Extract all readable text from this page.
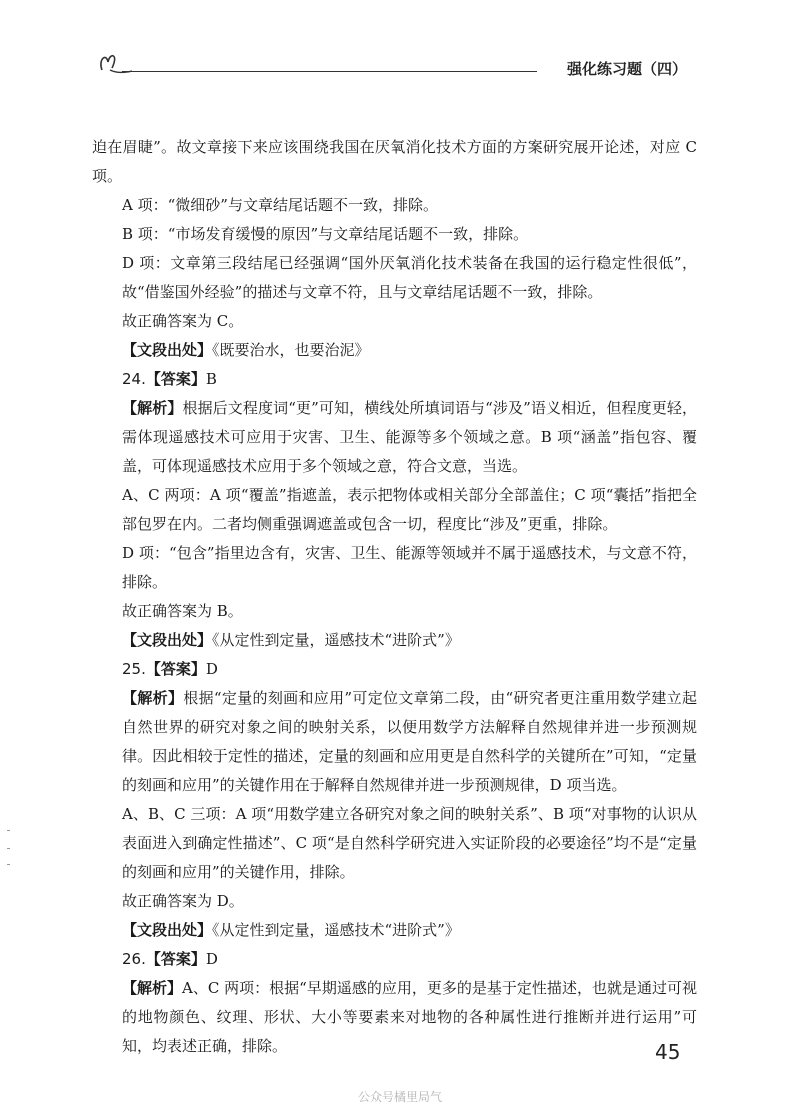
强化练习题（四）

迫在眉睫”。故文章接下来应该围绕我国在厌氧消化技术方面的方案研究展开论述，对应 C 项。

A 项：“微细砂”与文章结尾话题不一致，排除。

B 项：“市场发育缓慢的原因”与文章结尾话题不一致，排除。

D 项：文章第三段结尾已经强调“国外厌氧消化技术装备在我国的运行稳定性很低”，故“借鉴国外经验”的描述与文章不符，且与文章结尾话题不一致，排除。

故正确答案为 C。

【文段出处】《既要治水，也要治泥》

24.【答案】B

【解析】根据后文程度词“更”可知，横线处所填词语与“涉及”语义相近，但程度更轻，需体现遥感技术可应用于灾害、卫生、能源等多个领域之意。B 项“涵盖”指包容、覆盖，可体现遥感技术应用于多个领域之意，符合文意，当选。

A、C 两项：A 项“覆盖”指遮盖，表示把物体或相关部分全部盖住；C 项“囊括”指把全部包罗在内。二者均侧重强调遮盖或包含一切，程度比“涉及”更重，排除。

D 项：“包含”指里边含有，灾害、卫生、能源等领域并不属于遥感技术，与文意不符，排除。

故正确答案为 B。

【文段出处】《从定性到定量，遥感技术“进阶式”》

25.【答案】D

【解析】根据“定量的刻画和应用”可定位文章第二段，由“研究者更注重用数学建立起自然世界的研究对象之间的映射关系，以便用数学方法解释自然规律并进一步预测规律。因此相较于定性的描述，定量的刻画和应用更是自然科学的关键所在”可知，“定量的刻画和应用”的关键作用在于解释自然规律并进一步预测规律，D 项当选。

A、B、C 三项：A 项“用数学建立各研究对象之间的映射关系”、B 项“对事物的认识从表面进入到确定性描述”、C 项“是自然科学研究进入实证阶段的必要途径”均不是“定量的刻画和应用”的关键作用，排除。

故正确答案为 D。

【文段出处】《从定性到定量，遥感技术“进阶式”》

26.【答案】D

【解析】A、C 两项：根据“早期遥感的应用，更多的是基于定性描述，也就是通过可视的地物颜色、纹理、形状、大小等要素来对地物的各种属性进行推断并进行运用”可知，均表述正确，排除。	45
公众号橘里局气
